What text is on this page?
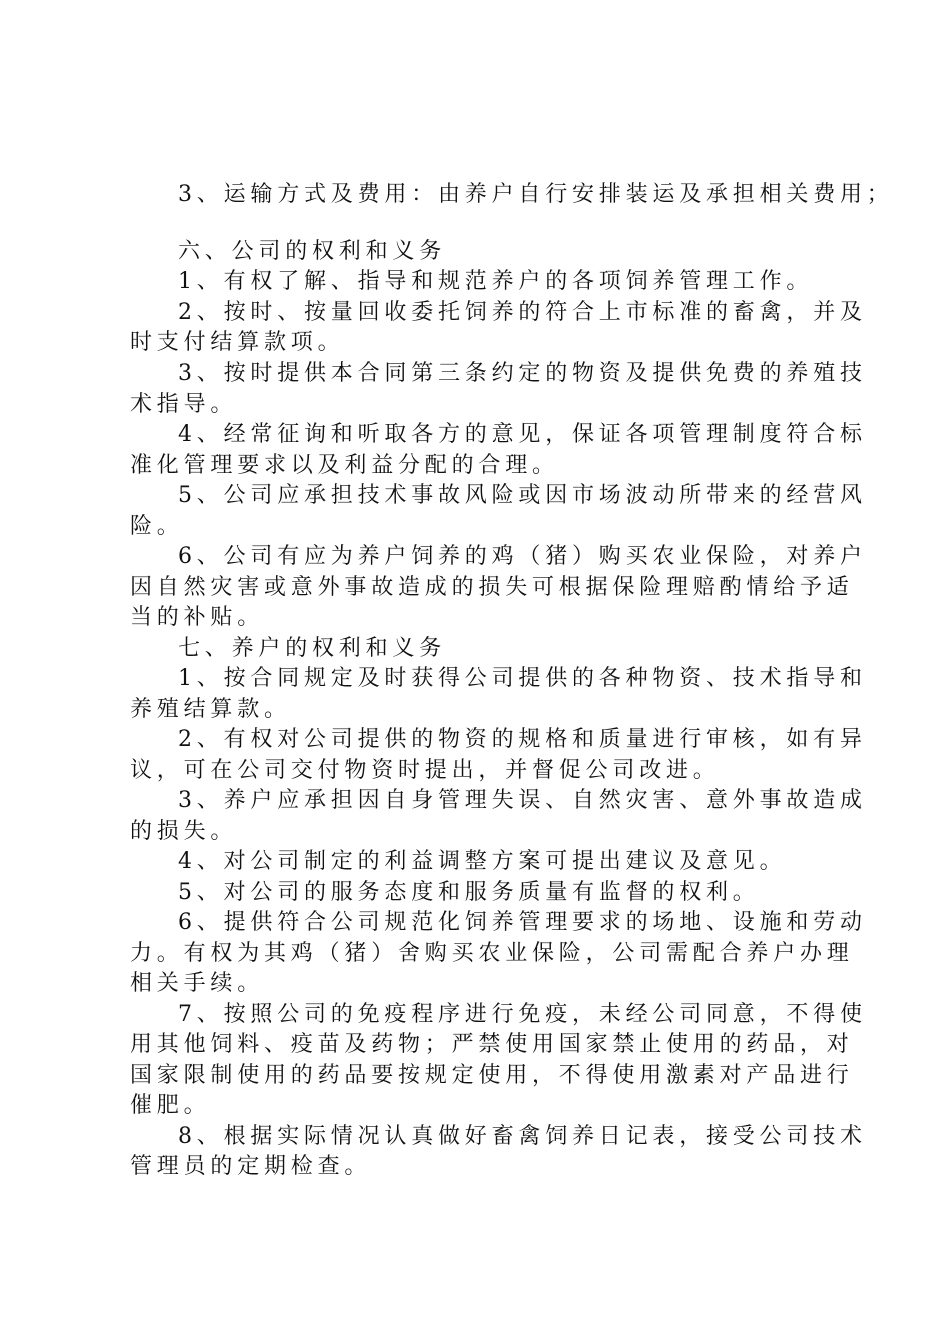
3、运输方式及费用：由养户自行安排装运及承担相关费用；
六、公司的权利和义务
1、有权了解、指导和规范养户的各项饲养管理工作。
2、按时、按量回收委托饲养的符合上市标准的畜禽，并及
时支付结算款项。
3、按时提供本合同第三条约定的物资及提供免费的养殖技
术指导。
4、经常征询和听取各方的意见，保证各项管理制度符合标
准化管理要求以及利益分配的合理。
5、公司应承担技术事故风险或因市场波动所带来的经营风
险。
6、公司有应为养户饲养的鸡（猪）购买农业保险，对养户
因自然灾害或意外事故造成的损失可根据保险理赔酌情给予适
当的补贴。
七、养户的权利和义务
1、按合同规定及时获得公司提供的各种物资、技术指导和
养殖结算款。
2、有权对公司提供的物资的规格和质量进行审核，如有异
议，可在公司交付物资时提出，并督促公司改进。
3、养户应承担因自身管理失误、自然灾害、意外事故造成
的损失。
4、对公司制定的利益调整方案可提出建议及意见。
5、对公司的服务态度和服务质量有监督的权利。
6、提供符合公司规范化饲养管理要求的场地、设施和劳动
力。有权为其鸡（猪）舍购买农业保险，公司需配合养户办理
相关手续。
7、按照公司的免疫程序进行免疫，未经公司同意，不得使
用其他饲料、疫苗及药物；严禁使用国家禁止使用的药品，对
国家限制使用的药品要按规定使用，不得使用激素对产品进行
催肥。
8、根据实际情况认真做好畜禽饲养日记表，接受公司技术
管理员的定期检查。
